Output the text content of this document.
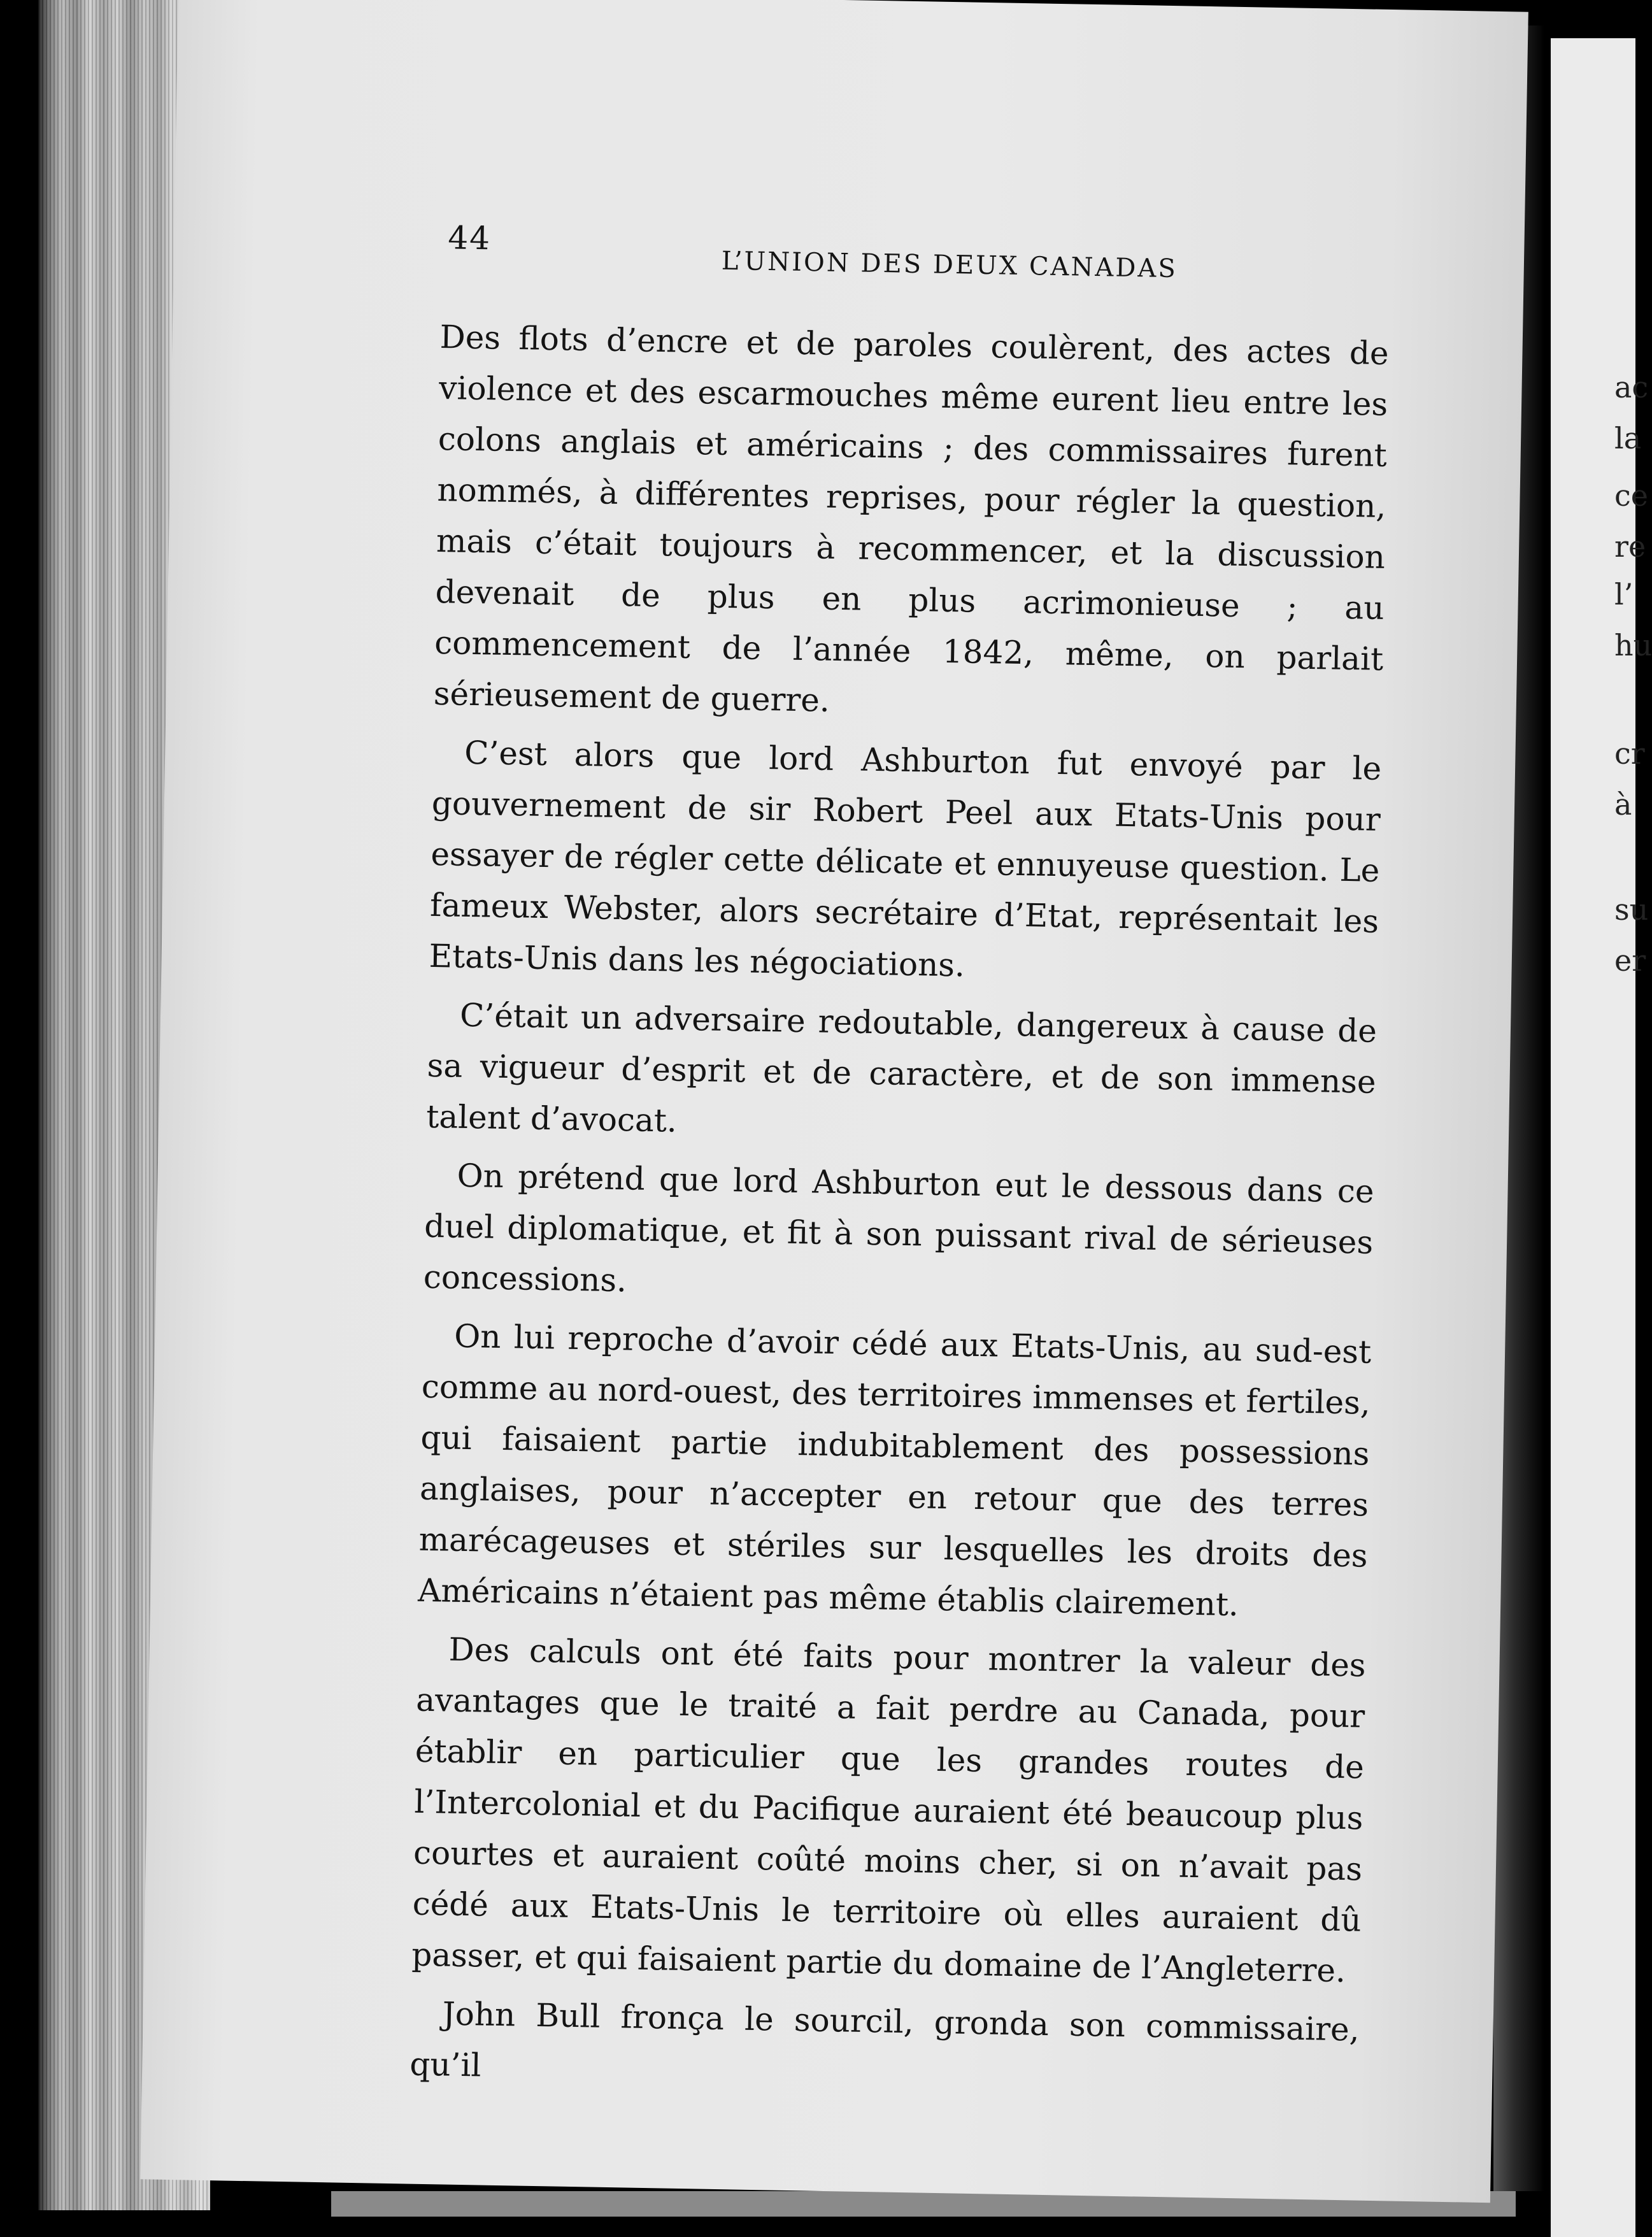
ac
la
ce
re
l’
hu
cr
à
su
er
44
L’UNION DES DEUX CANADAS

Des flots d’encre et de paroles coulèrent, des actes de violence et des escarmouches même eurent lieu entre les colons anglais et américains ; des commissaires furent nommés, à différentes reprises, pour régler la question, mais c’était toujours à recommencer, et la discussion devenait de plus en plus acrimonieuse ; au commencement de l’année 1842, même, on parlait sérieusement de guerre.

C’est alors que lord Ashburton fut envoyé par le gouvernement de sir Robert Peel aux Etats-Unis pour essayer de régler cette délicate et ennuyeuse question. Le fameux Webster, alors secrétaire d’Etat, représentait les Etats-Unis dans les négociations.

C’était un adversaire redoutable, dangereux à cause de sa vigueur d’esprit et de caractère, et de son immense talent d’avocat.

On prétend que lord Ashburton eut le dessous dans ce duel diplomatique, et fit à son puissant rival de sérieuses concessions.

On lui reproche d’avoir cédé aux Etats-Unis, au sud-est comme au nord-ouest, des territoires immenses et fertiles, qui faisaient partie indubitablement des possessions anglaises, pour n’accepter en retour que des terres marécageuses et stériles sur lesquelles les droits des Américains n’étaient pas même établis clairement.

Des calculs ont été faits pour montrer la valeur des avantages que le traité a fait perdre au Canada, pour établir en particulier que les grandes routes de l’Intercolonial et du Pacifique auraient été beaucoup plus courtes et auraient coûté moins cher, si on n’avait pas cédé aux Etats-Unis le territoire où elles auraient dû passer, et qui faisaient partie du domaine de l’Angleterre.

John Bull fronça le sourcil, gronda son commissaire, qu’il
